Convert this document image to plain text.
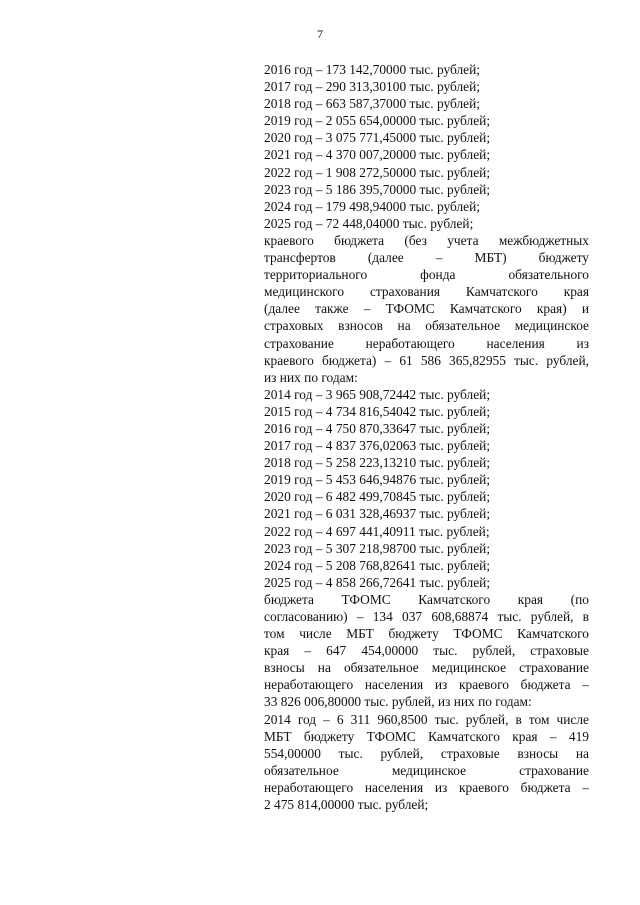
7
2016 год – 173 142,70000 тыс. рублей;
2017 год – 290 313,30100 тыс. рублей;
2018 год – 663 587,37000 тыс. рублей;
2019 год – 2 055 654,00000 тыс. рублей;
2020 год – 3 075 771,45000 тыс. рублей;
2021 год – 4 370 007,20000 тыс. рублей;
2022 год – 1 908 272,50000 тыс. рублей;
2023 год – 5 186 395,70000 тыс. рублей;
2024 год – 179 498,94000 тыс. рублей;
2025 год – 72 448,04000 тыс. рублей;
краевого бюджета (без учета межбюджетных
трансфертов (далее – МБТ) бюджету
территориального фонда обязательного
медицинского страхования Камчатского края
(далее также – ТФОМС Камчатского края) и
страховых взносов на обязательное медицинское
страхование неработающего населения из
краевого бюджета) – 61 586 365,82955 тыс. рублей,
из них по годам:
2014 год – 3 965 908,72442 тыс. рублей;
2015 год – 4 734 816,54042 тыс. рублей;
2016 год – 4 750 870,33647 тыс. рублей;
2017 год – 4 837 376,02063 тыс. рублей;
2018 год – 5 258 223,13210 тыс. рублей;
2019 год – 5 453 646,94876 тыс. рублей;
2020 год – 6 482 499,70845 тыс. рублей;
2021 год – 6 031 328,46937 тыс. рублей;
2022 год – 4 697 441,40911 тыс. рублей;
2023 год – 5 307 218,98700 тыс. рублей;
2024 год – 5 208 768,82641 тыс. рублей;
2025 год – 4 858 266,72641 тыс. рублей;
бюджета ТФОМС Камчатского края (по
согласованию) – 134 037 608,68874 тыс. рублей, в
том числе МБТ бюджету ТФОМС Камчатского
края – 647 454,00000 тыс. рублей, страховые
взносы на обязательное медицинское страхование
неработающего населения из краевого бюджета –
33 826 006,80000 тыс. рублей, из них по годам:
2014 год – 6 311 960,8500 тыс. рублей, в том числе
МБТ бюджету ТФОМС Камчатского края – 419
554,00000 тыс. рублей, страховые взносы на
обязательное медицинское страхование
неработающего населения из краевого бюджета –
2 475 814,00000 тыс. рублей;
